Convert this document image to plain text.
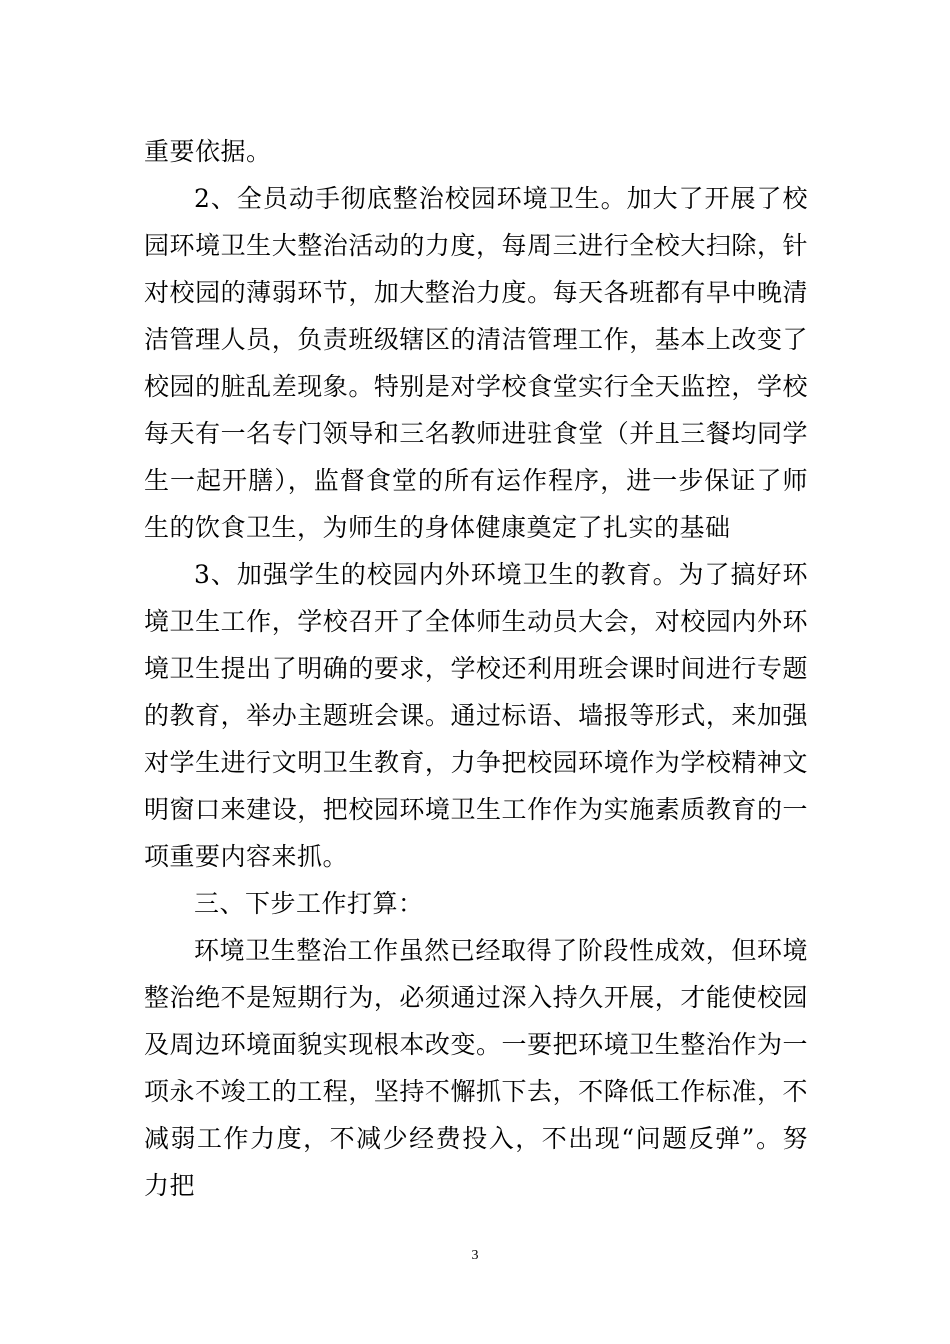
重要依据。

2、全员动手彻底整治校园环境卫生。加大了开展了校园环境卫生大整治活动的力度，每周三进行全校大扫除，针对校园的薄弱环节，加大整治力度。每天各班都有早中晚清洁管理人员，负责班级辖区的清洁管理工作，基本上改变了校园的脏乱差现象。特别是对学校食堂实行全天监控，学校每天有一名专门领导和三名教师进驻食堂（并且三餐均同学生一起开膳），监督食堂的所有运作程序，进一步保证了师生的饮食卫生，为师生的身体健康奠定了扎实的基础

3、加强学生的校园内外环境卫生的教育。为了搞好环境卫生工作，学校召开了全体师生动员大会，对校园内外环境卫生提出了明确的要求，学校还利用班会课时间进行专题的教育，举办主题班会课。通过标语、墙报等形式，来加强对学生进行文明卫生教育，力争把校园环境作为学校精神文明窗口来建设，把校园环境卫生工作作为实施素质教育的一项重要内容来抓。

三、下步工作打算：

环境卫生整治工作虽然已经取得了阶段性成效，但环境整治绝不是短期行为，必须通过深入持久开展，才能使校园及周边环境面貌实现根本改变。一要把环境卫生整治作为一项永不竣工的工程，坚持不懈抓下去，不降低工作标准，不减弱工作力度，不减少经费投入，不出现“问题反弹”。努力把

3
